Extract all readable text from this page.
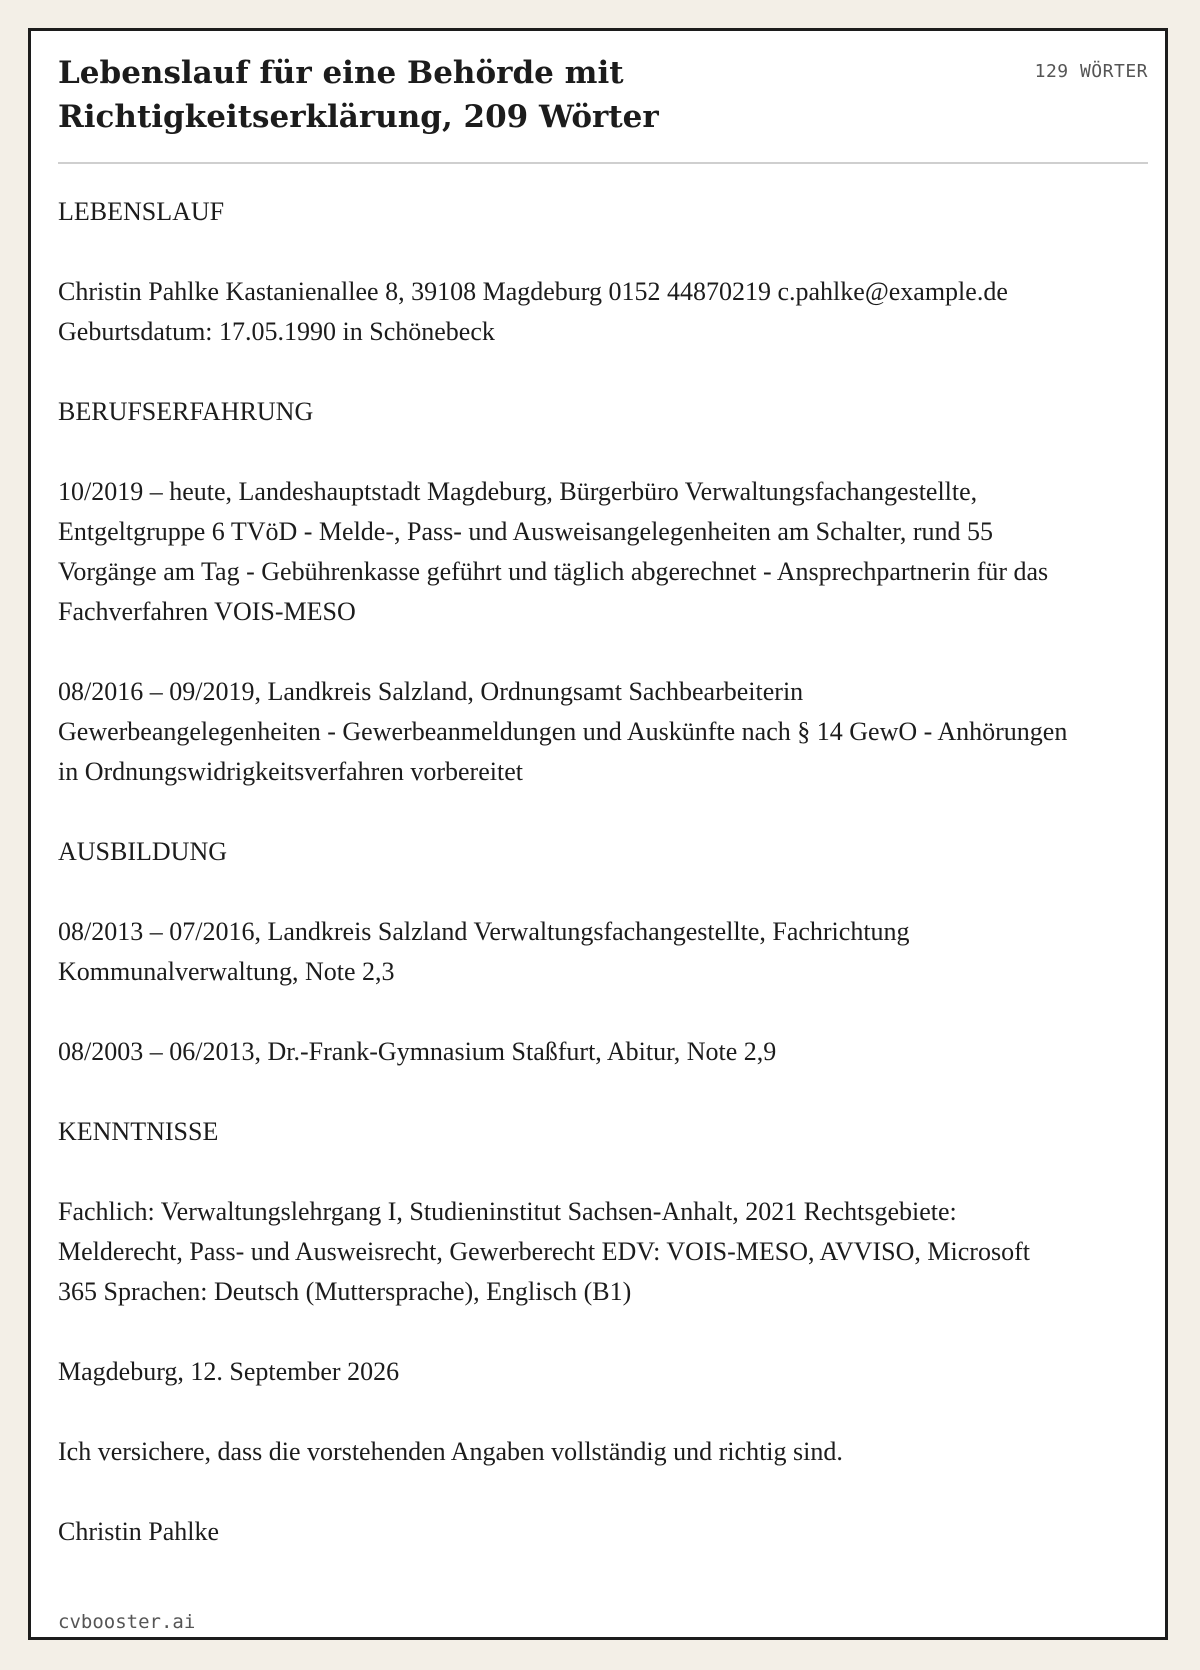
Lebenslauf für eine Behörde mit Richtigkeitserklärung, 209 Wörter
129 WÖRTER

LEBENSLAUF

Christin Pahlke Kastanienallee 8, 39108 Magdeburg 0152 44870219 c.pahlke@example.de Geburtsdatum: 17.05.1990 in Schönebeck

BERUFSERFAHRUNG

10/2019 – heute, Landeshauptstadt Magdeburg, Bürgerbüro Verwaltungsfachangestellte, Entgeltgruppe 6 TVöD - Melde-, Pass- und Ausweisangelegenheiten am Schalter, rund 55 Vorgänge am Tag - Gebührenkasse geführt und täglich abgerechnet - Ansprechpartnerin für das Fachverfahren VOIS-MESO

08/2016 – 09/2019, Landkreis Salzland, Ordnungsamt Sachbearbeiterin Gewerbeangelegenheiten - Gewerbeanmeldungen und Auskünfte nach § 14 GewO - Anhörungen in Ordnungswidrigkeitsverfahren vorbereitet

AUSBILDUNG

08/2013 – 07/2016, Landkreis Salzland Verwaltungsfachangestellte, Fachrichtung Kommunalverwaltung, Note 2,3

08/2003 – 06/2013, Dr.-Frank-Gymnasium Staßfurt, Abitur, Note 2,9

KENNTNISSE

Fachlich: Verwaltungslehrgang I, Studieninstitut Sachsen-Anhalt, 2021 Rechtsgebiete: Melderecht, Pass- und Ausweisrecht, Gewerberecht EDV: VOIS-MESO, AVVISO, Microsoft 365 Sprachen: Deutsch (Muttersprache), Englisch (B1)

Magdeburg, 12. September 2026

Ich versichere, dass die vorstehenden Angaben vollständig und richtig sind.

Christin Pahlke

cvbooster.ai
